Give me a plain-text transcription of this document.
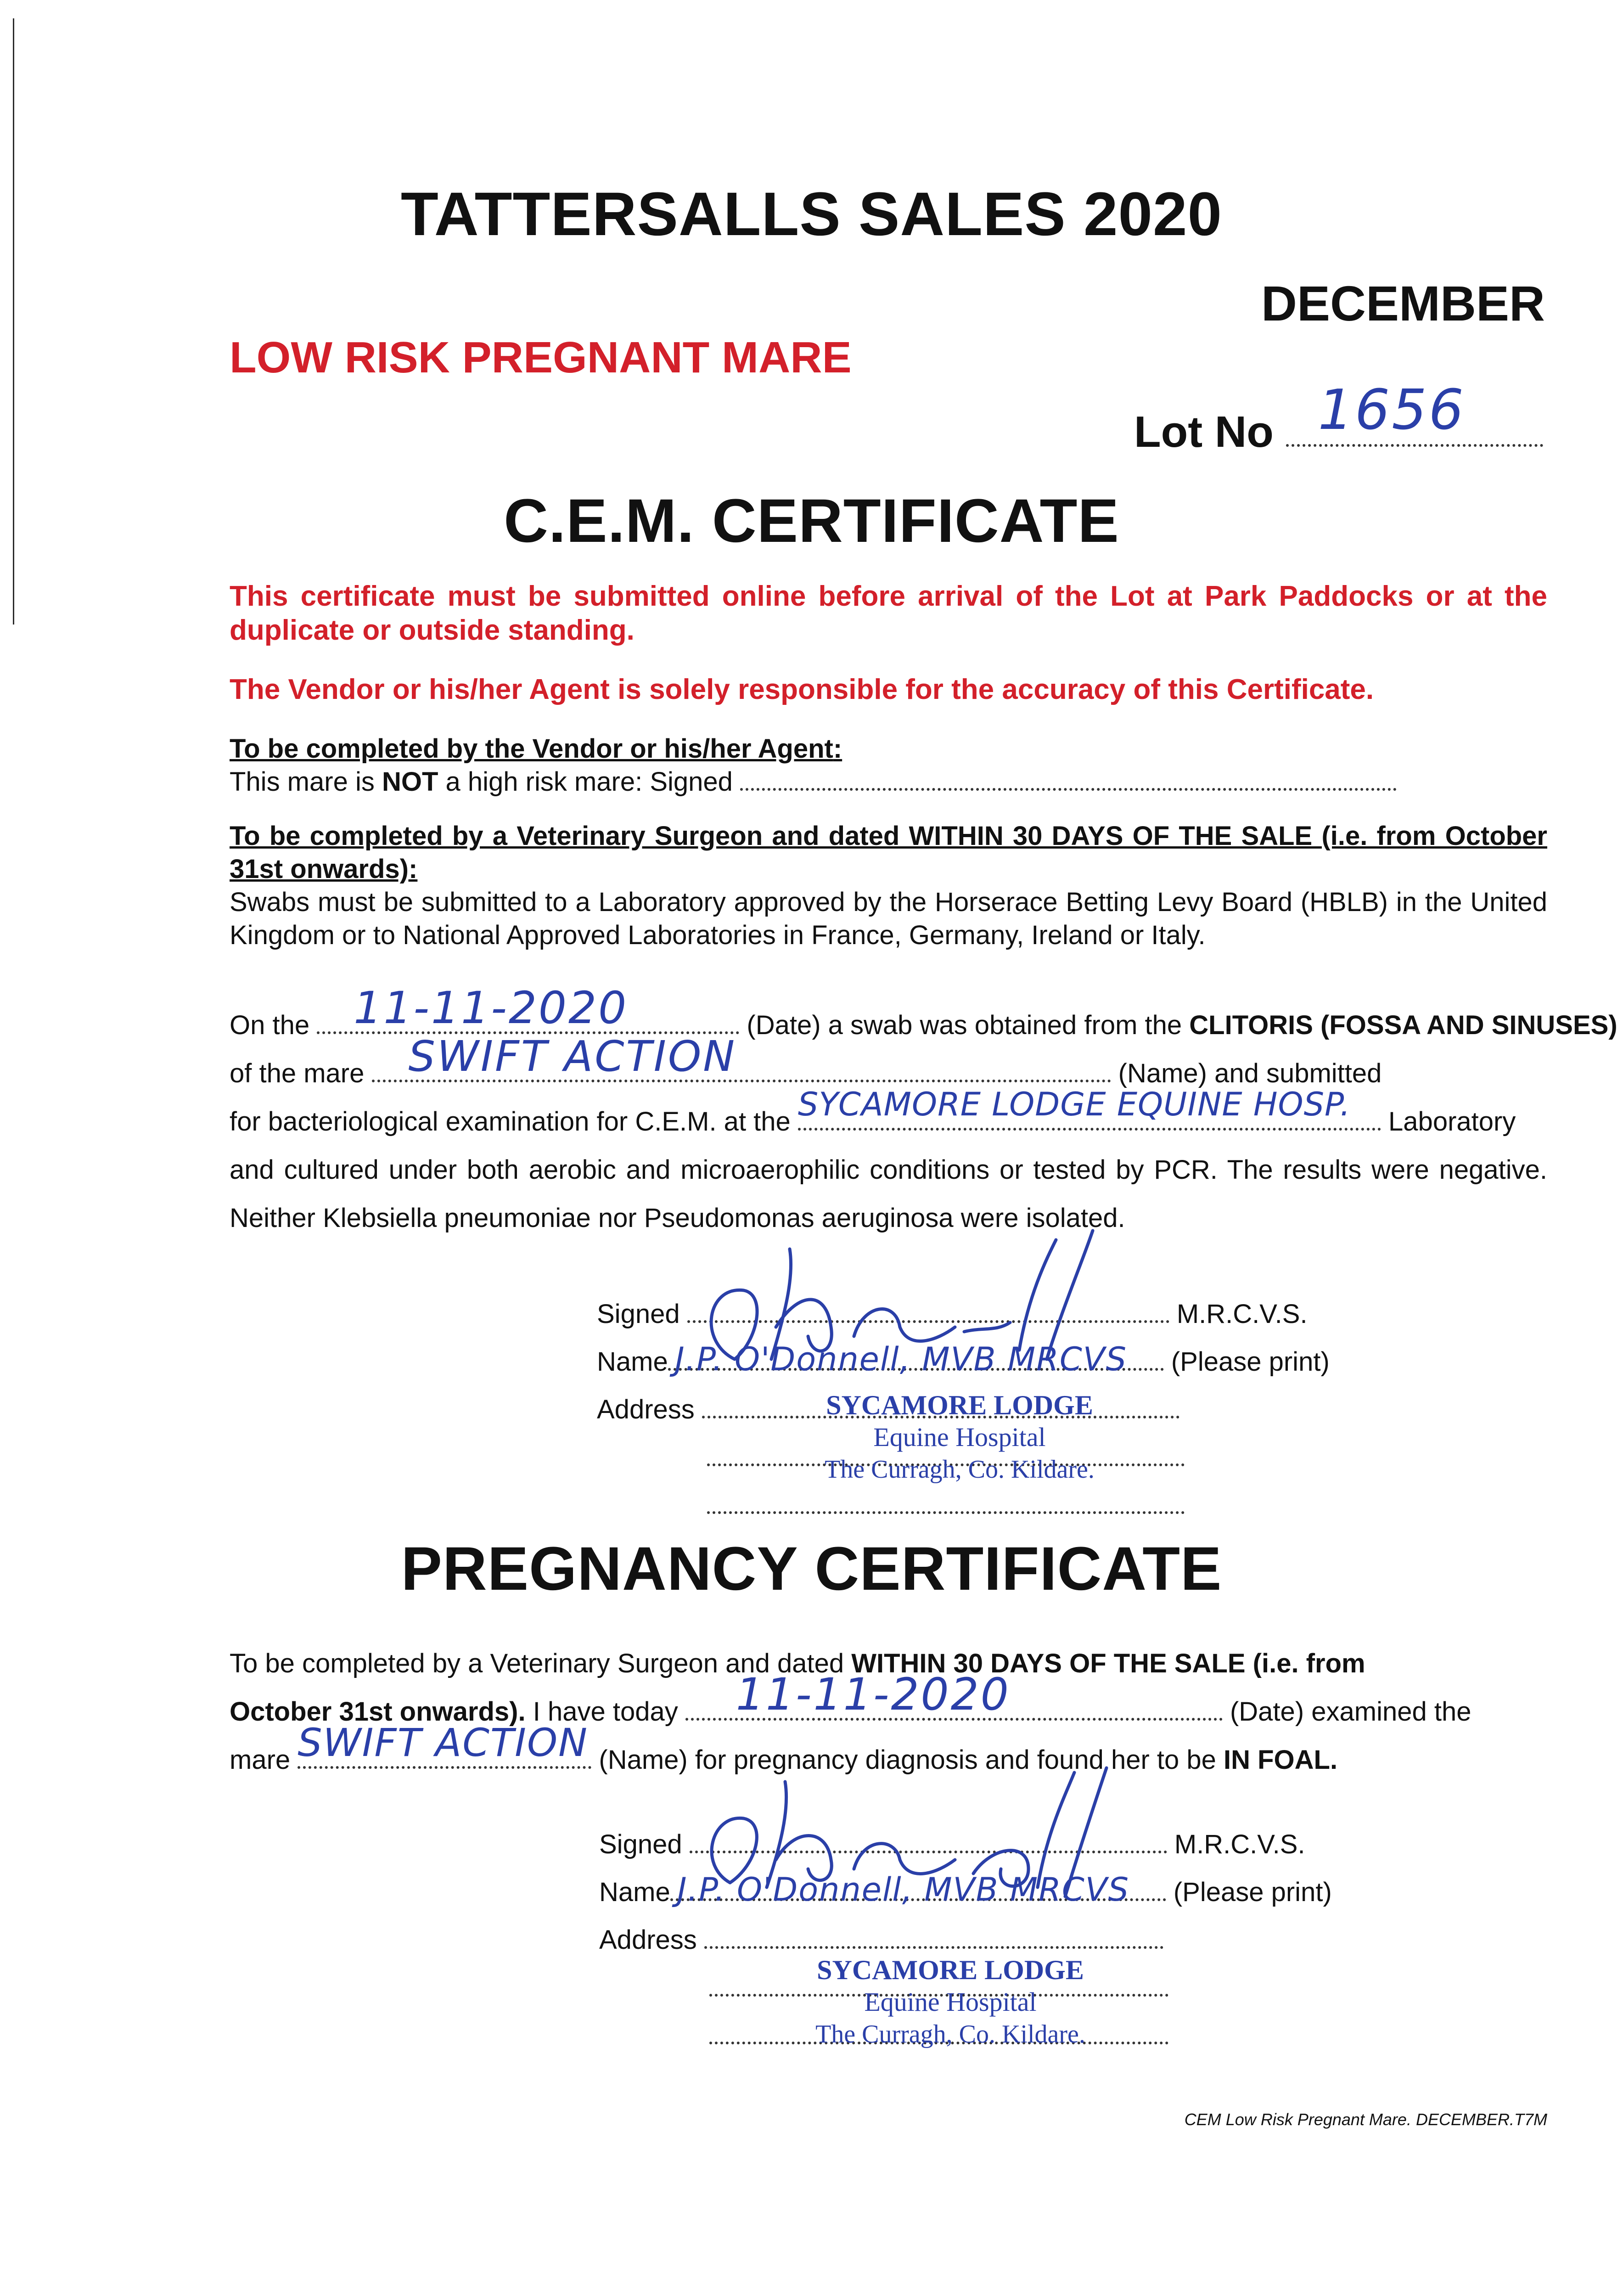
TATTERSALLS SALES 2020
DECEMBER
LOW RISK PREGNANT MARE
Lot No 1656
C.E.M. CERTIFICATE
This certificate must be submitted online before arrival of the Lot at Park Paddocks or at the duplicate or outside standing.
The Vendor or his/her Agent is solely responsible for the accuracy of this Certificate.
To be completed by the Vendor or his/her Agent:
This mare is NOT a high risk mare: Signed
To be completed by a Veterinary Surgeon and dated WITHIN 30 DAYS OF THE SALE (i.e. from October 31st onwards):
Swabs must be submitted to a Laboratory approved by the Horserace Betting Levy Board (HBLB) in the United Kingdom or to National Approved Laboratories in France, Germany, Ireland or Italy.
On the 11-11-2020	(Date) a swab was obtained from the CLITORIS (FOSSA AND SINUSES)
of the mare SWIFT ACTION	(Name) and submitted
for bacteriological examination for C.E.M. at the SYCAMORE LODGE EQUINE HOSP. Laboratory
and cultured under both aerobic and microaerophilic conditions or tested by PCR. The results were negative. Neither Klebsiella pneumoniae nor Pseudomonas aeruginosa were isolated.
Signed	M.R.C.V.S.
Name	(Please print)
J.P. O'Donnell, MVB MRCVS
Address	SYCAMORE LODGE
Equine Hospital
The Curragh, Co. Kildare.
PREGNANCY CERTIFICATE
To be completed by a Veterinary Surgeon and dated WITHIN 30 DAYS OF THE SALE (i.e. from
October 31st onwards). I have today 11-11-2020	(Date) examined the
mare SWIFT ACTION (Name) for pregnancy diagnosis and found her to be IN FOAL.
Signed	M.R.C.V.S.
Name	(Please print)
J.P. O'Donnell, MVB MRCVS
Address
SYCAMORE LODGE
Equine Hospital
The Curragh, Co. Kildare.
CEM Low Risk Pregnant Mare. DECEMBER.T7M
